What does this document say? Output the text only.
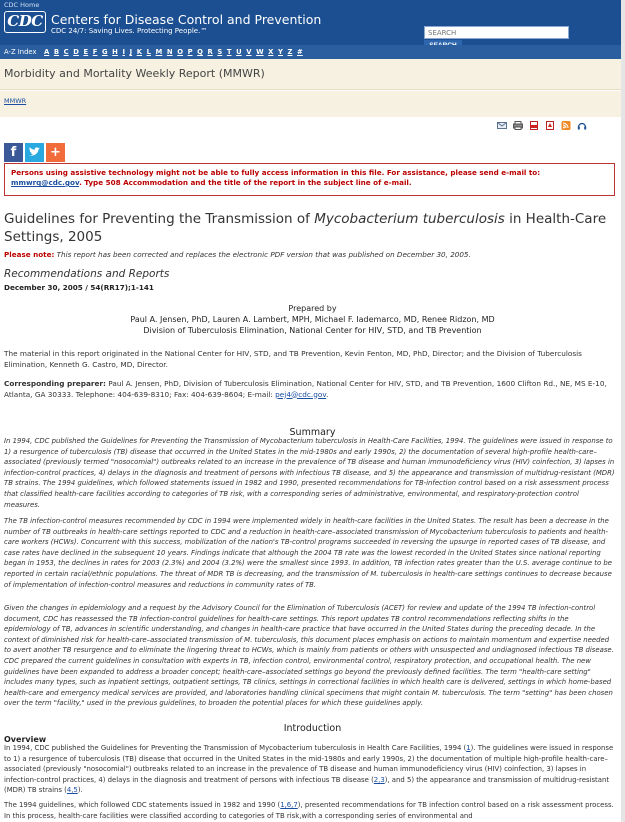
CDC Home
CDC Centers for Disease Control and Prevention
CDC 24/7: Saving Lives. Protecting People.™
SEARCH
A-Z Index A B C D E F G H I J K L M N O P Q R S T U V W X Y Z #
Morbidity and Mortality Weekly Report (MMWR)
MMWR
f	+
Persons using assistive technology might not be able to fully access information in this file. For assistance, please send e-mail to: mmwrq@cdc.gov. Type 508 Accommodation and the title of the report in the subject line of e-mail.
Guidelines for Preventing the Transmission of Mycobacterium tuberculosis in Health-Care Settings, 2005
Please note: This report has been corrected and replaces the electronic PDF version that was published on December 30, 2005.
Recommendations and Reports
December 30, 2005 / 54(RR17);1-141
Prepared by
Paul A. Jensen, PhD, Lauren A. Lambert, MPH, Michael F. Iademarco, MD, Renee Ridzon, MD
Division of Tuberculosis Elimination, National Center for HIV, STD, and TB Prevention
The material in this report originated in the National Center for HIV, STD, and TB Prevention, Kevin Fenton, MD, PhD, Director; and the Division of Tuberculosis Elimination, Kenneth G. Castro, MD, Director.
Corresponding preparer: Paul A. Jensen, PhD, Division of Tuberculosis Elimination, National Center for HIV, STD, and TB Prevention, 1600 Clifton Rd., NE, MS E-10, Atlanta, GA 30333. Telephone: 404-639-8310; Fax: 404-639-8604; E-mail: pej4@cdc.gov.
Summary
In 1994, CDC published the Guidelines for Preventing the Transmission of Mycobacterium tuberculosis in Health-Care Facilities, 1994. The guidelines were issued in response to 1) a resurgence of tuberculosis (TB) disease that occurred in the United States in the mid-1980s and early 1990s, 2) the documentation of several high-profile health-care–associated (previously termed "nosocomial") outbreaks related to an increase in the prevalence of TB disease and human immunodeficiency virus (HIV) coinfection, 3) lapses in infection-control practices, 4) delays in the diagnosis and treatment of persons with infectious TB disease, and 5) the appearance and transmission of multidrug-resistant (MDR) TB strains. The 1994 guidelines, which followed statements issued in 1982 and 1990, presented recommendations for TB-infection control based on a risk assessment process that classified health-care facilities according to categories of TB risk, with a corresponding series of administrative, environmental, and respiratory-protection control measures.
The TB infection-control measures recommended by CDC in 1994 were implemented widely in health-care facilities in the United States. The result has been a decrease in the number of TB outbreaks in health-care settings reported to CDC and a reduction in health-care–associated transmission of Mycobacterium tuberculosis to patients and health-care workers (HCWs). Concurrent with this success, mobilization of the nation's TB-control programs succeeded in reversing the upsurge in reported cases of TB disease, and case rates have declined in the subsequent 10 years. Findings indicate that although the 2004 TB rate was the lowest recorded in the United States since national reporting began in 1953, the declines in rates for 2003 (2.3%) and 2004 (3.2%) were the smallest since 1993. In addition, TB infection rates greater than the U.S. average continue to be reported in certain racial/ethnic populations. The threat of MDR TB is decreasing, and the transmission of M. tuberculosis in health-care settings continues to decrease because of implementation of infection-control measures and reductions in community rates of TB.
Given the changes in epidemiology and a request by the Advisory Council for the Elimination of Tuberculosis (ACET) for review and update of the 1994 TB infection-control document, CDC has reassessed the TB infection-control guidelines for health-care settings. This report updates TB control recommendations reflecting shifts in the epidemiology of TB, advances in scientific understanding, and changes in health-care practice that have occurred in the United States during the preceding decade. In the context of diminished risk for health-care–associated transmission of M. tuberculosis, this document places emphasis on actions to maintain momentum and expertise needed to avert another TB resurgence and to eliminate the lingering threat to HCWs, which is mainly from patients or others with unsuspected and undiagnosed infectious TB disease. CDC prepared the current guidelines in consultation with experts in TB, infection control, environmental control, respiratory protection, and occupational health. The new guidelines have been expanded to address a broader concept; health-care–associated settings go beyond the previously defined facilities. The term "health-care setting" includes many types, such as inpatient settings, outpatient settings, TB clinics, settings in correctional facilities in which health care is delivered, settings in which home-based health-care and emergency medical services are provided, and laboratories handling clinical specimens that might contain M. tuberculosis. The term "setting" has been chosen over the term "facility," used in the previous guidelines, to broaden the potential places for which these guidelines apply.
Introduction
Overview
In 1994, CDC published the Guidelines for Preventing the Transmission of Mycobacterium tuberculosis in Health Care Facilities, 1994 (1). The guidelines were issued in response to 1) a resurgence of tuberculosis (TB) disease that occurred in the United States in the mid-1980s and early 1990s, 2) the documentation of multiple high-profile health-care–associated (previously "nosocomial") outbreaks related to an increase in the prevalence of TB disease and human immunodeficiency virus (HIV) coinfection, 3) lapses in infection-control practices, 4) delays in the diagnosis and treatment of persons with infectious TB disease (2,3), and 5) the appearance and transmission of multidrug-resistant (MDR) TB strains (4,5).
The 1994 guidelines, which followed CDC statements issued in 1982 and 1990 (1,6,7), presented recommendations for TB infection control based on a risk assessment process. In this process, health-care facilities were classified according to categories of TB risk,with a corresponding series of environmental and
